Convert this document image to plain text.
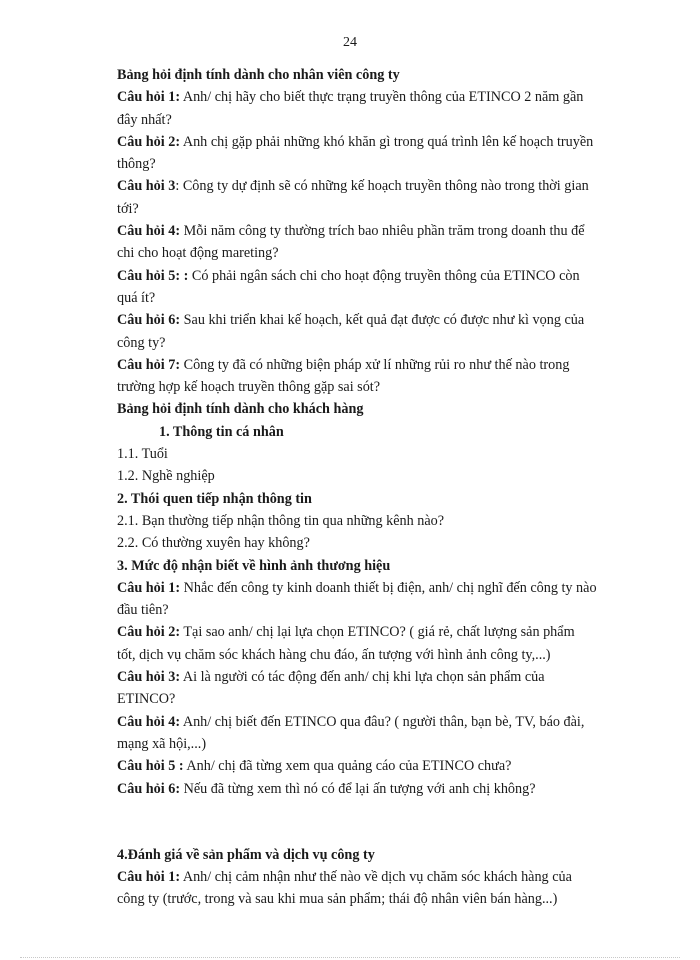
24
Bảng hỏi định tính dành cho nhân viên công ty
Câu hỏi 1: Anh/ chị hãy cho biết thực trạng truyền thông của ETINCO 2 năm gần
đây nhất?
Câu hỏi 2: Anh chị gặp phải những khó khăn gì trong quá trình lên kế hoạch truyền
thông?
Câu hỏi 3: Công ty dự định sẽ có những kế hoạch truyền thông nào trong thời gian
tới?
Câu hỏi 4: Mỗi năm công ty thường trích bao nhiêu phần trăm trong doanh thu để
chi cho hoạt động mareting?
Câu hỏi 5: : Có phải ngân sách chi cho hoạt động truyền thông của ETINCO còn
quá ít?
Câu hỏi 6: Sau khi triển khai kế hoạch, kết quả đạt được có được như kì vọng của
công ty?
Câu hỏi 7: Công ty đã có những biện pháp xử lí những rủi ro như thế nào trong
trường hợp kế hoạch truyền thông gặp sai sót?
Bảng hỏi định tính dành cho khách hàng
1. Thông tin cá nhân
1.1. Tuổi
1.2. Nghề nghiệp
2. Thói quen tiếp nhận thông tin
2.1. Bạn thường tiếp nhận thông tin qua những kênh nào?
2.2. Có thường xuyên hay không?
3. Mức độ nhận biết về hình ảnh thương hiệu
Câu hỏi 1: Nhắc đến công ty kinh doanh thiết bị điện, anh/ chị nghĩ đến công ty nào
đầu tiên?
Câu hỏi 2: Tại sao anh/ chị lại lựa chọn ETINCO? ( giá rẻ, chất lượng sản phẩm
tốt, dịch vụ chăm sóc khách hàng chu đáo, ấn tượng với hình ảnh công ty,...)
Câu hỏi 3: Ai là người có tác động đến anh/ chị khi lựa chọn sản phẩm của
ETINCO?
Câu hỏi 4: Anh/ chị biết đến ETINCO qua đâu? ( người thân, bạn bè, TV, báo đài,
mạng xã hội,...)
Câu hỏi 5 : Anh/ chị đã từng xem qua quảng cáo của ETINCO chưa?
Câu hỏi 6: Nếu đã từng xem thì nó có để lại ấn tượng với anh chị không?
4.Đánh giá về sản phẩm và dịch vụ công ty
Câu hỏi 1: Anh/ chị cảm nhận như thế nào về dịch vụ chăm sóc khách hàng của
công ty (trước, trong và sau khi mua sản phẩm; thái độ nhân viên bán hàng...)
